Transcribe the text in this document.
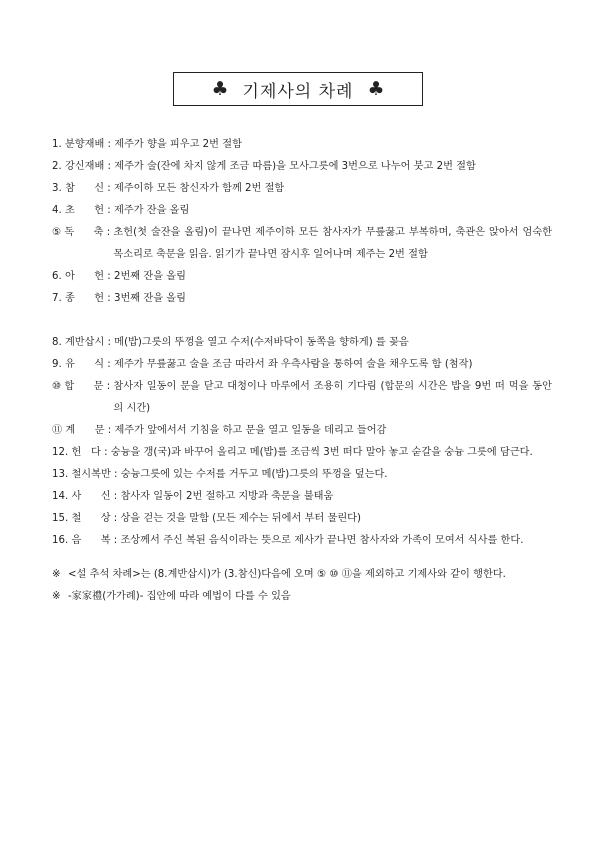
♣ 기제사의 차례 ♣
1. 분향재배 : 제주가 향을 피우고 2번 절함
2. 강신재배 : 제주가 술(잔에 차지 않게 조금 따름)을 모사그릇에 3번으로 나누어 붓고 2번 절함
3. 참      신 : 제주이하 모든 참신자가 함께 2번 절함
4. 초      헌 : 제주가 잔을 올림
⑤ 독      축 : 초헌(첫 술잔을 올림)이 끝나면 제주이하 모든 참사자가 무릎꿇고 부복하며, 축관은 앉아서 엄숙한 목소리로 축문을 읽음. 읽기가 끝나면 잠시후 일어나며 제주는 2번 절함
6. 아      헌 : 2번째 잔을 올림
7. 종      헌 : 3번째 잔을 올림
8. 계반삽시 : 메(밥)그릇의 뚜껑을 열고 수저(수저바닥이 동쪽을 향하게) 를 꽂음
9. 유      식 : 제주가 무릎꿇고 술을 조금 따라서 좌 우측사람을 통하여 술을 채우도록 함 (첨작)
⑩ 합      문 : 참사자 일동이 문을 닫고 대청이나 마루에서 조용히 기다림 (합문의 시간은 밥을 9번 떠 먹을 동안의 시간)
⑪ 계      문 : 제주가 앞에서서 기침을 하고 문을 열고 일동을 데리고 들어감
12. 헌   다 : 숭늉을 갱(국)과 바꾸어 올리고 메(밥)를 조금씩 3번 떠다 말아 놓고 숟갈을 숭늉 그릇에 담근다.
13. 철시복반 : 숭늉그릇에 있는 수저를 거두고 메(밥)그릇의 뚜껑을 덮는다.
14. 사      신 : 참사자 일동이 2번 절하고 지방과 축문을 불태움
15. 철      상 : 상을 걷는 것을 말함 (모든 제수는 뒤에서 부터 물린다)
16. 음      복 : 조상께서 주신 복된 음식이라는 뜻으로 제사가 끝나면 참사자와 가족이 모여서 식사를 한다.
※ <설 추석 차례>는 (8.계반삽시)가 (3.참신)다음에 오며 ⑤ ⑩ ⑪을 제외하고 기제사와 같이 행한다.
※ -家家禮(가가례)- 집안에 따라 예법이 다를 수 있음
